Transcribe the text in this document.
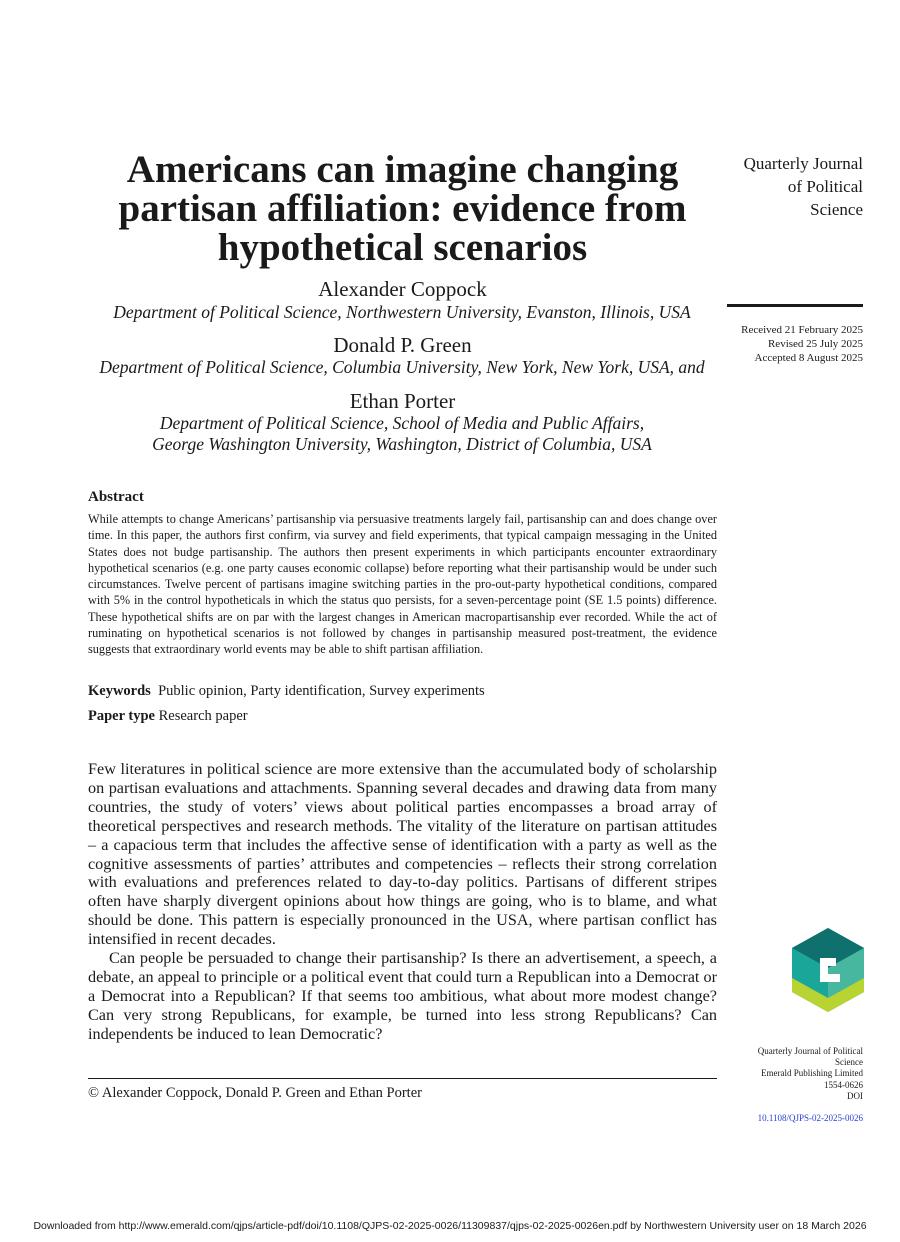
Americans can imagine changing
partisan affiliation: evidence from
hypothetical scenarios
Alexander Coppock
Department of Political Science, Northwestern University, Evanston, Illinois, USA
Donald P. Green
Department of Political Science, Columbia University, New York, New York, USA, and
Ethan Porter
Department of Political Science, School of Media and Public Affairs,
George Washington University, Washington, District of Columbia, USA
Quarterly Journal
of Political
Science
Received 21 February 2025
Revised 25 July 2025
Accepted 8 August 2025
Abstract
While attempts to change Americans’ partisanship via persuasive treatments largely fail, partisanship can and does change over time. In this paper, the authors first confirm, via survey and field experiments, that typical campaign messaging in the United States does not budge partisanship. The authors then present experiments in which participants encounter extraordinary hypothetical scenarios (e.g. one party causes economic collapse) before reporting what their partisanship would be under such circumstances. Twelve percent of partisans imagine switching parties in the pro-out-party hypothetical conditions, compared with 5% in the control hypotheticals in which the status quo persists, for a seven-percentage point (SE 1.5 points) difference. These hypothetical shifts are on par with the largest changes in American macropartisanship ever recorded. While the act of ruminating on hypothetical scenarios is not followed by changes in partisanship measured post-treatment, the evidence suggests that extraordinary world events may be able to shift partisan affiliation.
Keywords Public opinion, Party identification, Survey experiments
Paper type Research paper

Few literatures in political science are more extensive than the accumulated body of scholarship on partisan evaluations and attachments. Spanning several decades and drawing data from many countries, the study of voters’ views about political parties encompasses a broad array of theoretical perspectives and research methods. The vitality of the literature on partisan attitudes – a capacious term that includes the affective sense of identification with a party as well as the cognitive assessments of parties’ attributes and competencies – reflects their strong correlation with evaluations and preferences related to day-to-day politics. Partisans of different stripes often have sharply divergent opinions about how things are going, who is to blame, and what should be done. This pattern is especially pronounced in the USA, where partisan conflict has intensified in recent decades.

Can people be persuaded to change their partisanship? Is there an advertisement, a speech, a debate, an appeal to principle or a political event that could turn a Republican into a Democrat or a Democrat into a Republican? If that seems too ambitious, what about more modest change? Can very strong Republicans, for example, be turned into less strong Republicans? Can independents be induced to lean Democratic?

© Alexander Coppock, Donald P. Green and Ethan Porter
Quarterly Journal of Political
Science
Emerald Publishing Limited
1554-0626
DOI

10.1108/QJPS-02-2025-0026
Downloaded from http://www.emerald.com/qjps/article-pdf/doi/10.1108/QJPS-02-2025-0026/11309837/qjps-02-2025-0026en.pdf by Northwestern University user on 18 March 2026
